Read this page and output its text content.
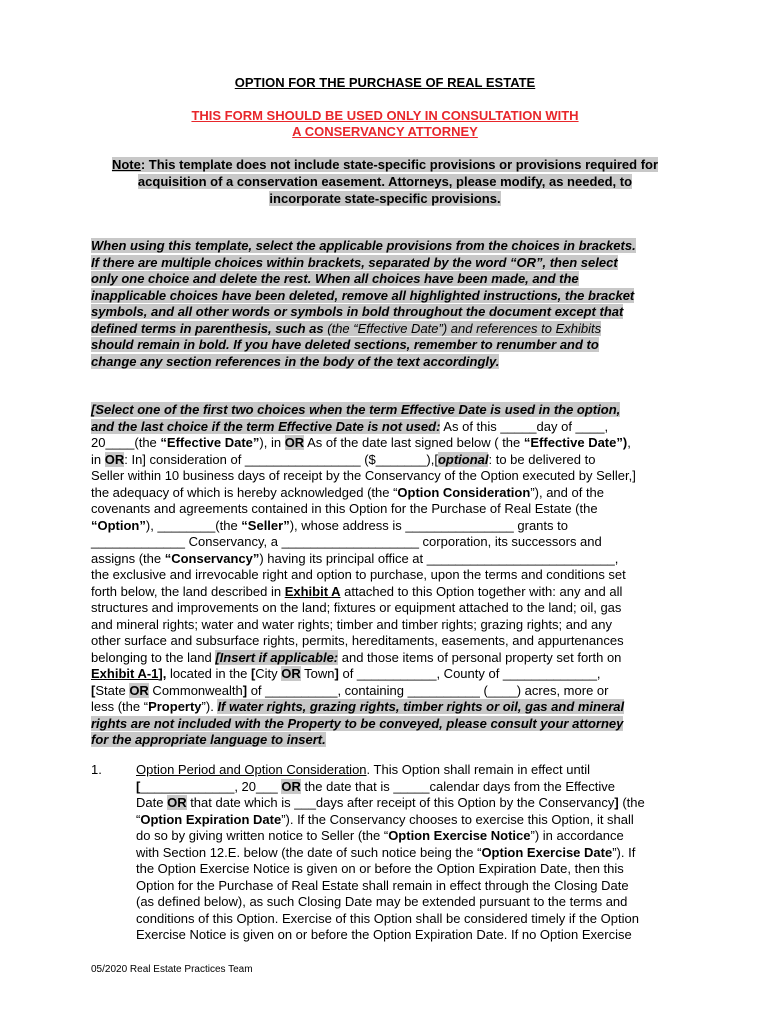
OPTION FOR THE PURCHASE OF REAL ESTATE
THIS FORM SHOULD BE USED ONLY IN CONSULTATION WITH
A CONSERVANCY ATTORNEY
Note: This template does not include state-specific provisions or provisions required for
acquisition of a conservation easement. Attorneys, please modify, as needed, to
incorporate state-specific provisions.
When using this template, select the applicable provisions from the choices in brackets.
If there are multiple choices within brackets, separated by the word “OR”, then select
only one choice and delete the rest. When all choices have been made, and the
inapplicable choices have been deleted, remove all highlighted instructions, the bracket
symbols, and all other words or symbols in bold throughout the document except that
defined terms in parenthesis, such as (the “Effective Date”) and references to Exhibits
should remain in bold. If you have deleted sections, remember to renumber and to
change any section references in the body of the text accordingly.
[Select one of the first two choices when the term Effective Date is used in the option,
and the last choice if the term Effective Date is not used: As of this _____day of ____,
20____(the “Effective Date”), in OR As of the date last signed below ( the “Effective Date”),
in OR: In] consideration of ________________ ($_______),[optional: to be delivered to
Seller within 10 business days of receipt by the Conservancy of the Option executed by Seller,]
the adequacy of which is hereby acknowledged (the “Option Consideration”), and of the
covenants and agreements contained in this Option for the Purchase of Real Estate (the
“Option”), ________(the “Seller”), whose address is _______________ grants to
_____________ Conservancy, a ___________________ corporation, its successors and
assigns (the “Conservancy”) having its principal office at __________________________,
the exclusive and irrevocable right and option to purchase, upon the terms and conditions set
forth below, the land described in Exhibit A attached to this Option together with: any and all
structures and improvements on the land; fixtures or equipment attached to the land; oil, gas
and mineral rights; water and water rights; timber and timber rights; grazing rights; and any
other surface and subsurface rights, permits, hereditaments, easements, and appurtenances
belonging to the land [Insert if applicable: and those items of personal property set forth on
Exhibit A-1], located in the [City OR Town] of ___________, County of _____________,
[State OR Commonwealth] of __________, containing __________ (____) acres, more or
less (the “Property”). If water rights, grazing rights, timber rights or oil, gas and mineral
rights are not included with the Property to be conveyed, please consult your attorney
for the appropriate language to insert.
1.	Option Period and Option Consideration. This Option shall remain in effect until
[_____________, 20___ OR the date that is _____calendar days from the Effective
Date OR that date which is ___days after receipt of this Option by the Conservancy] (the
“Option Expiration Date”). If the Conservancy chooses to exercise this Option, it shall
do so by giving written notice to Seller (the “Option Exercise Notice”) in accordance
with Section 12.E. below (the date of such notice being the “Option Exercise Date”). If
the Option Exercise Notice is given on or before the Option Expiration Date, then this
Option for the Purchase of Real Estate shall remain in effect through the Closing Date
(as defined below), as such Closing Date may be extended pursuant to the terms and
conditions of this Option. Exercise of this Option shall be considered timely if the Option
Exercise Notice is given on or before the Option Expiration Date. If no Option Exercise
05/2020 Real Estate Practices Team
